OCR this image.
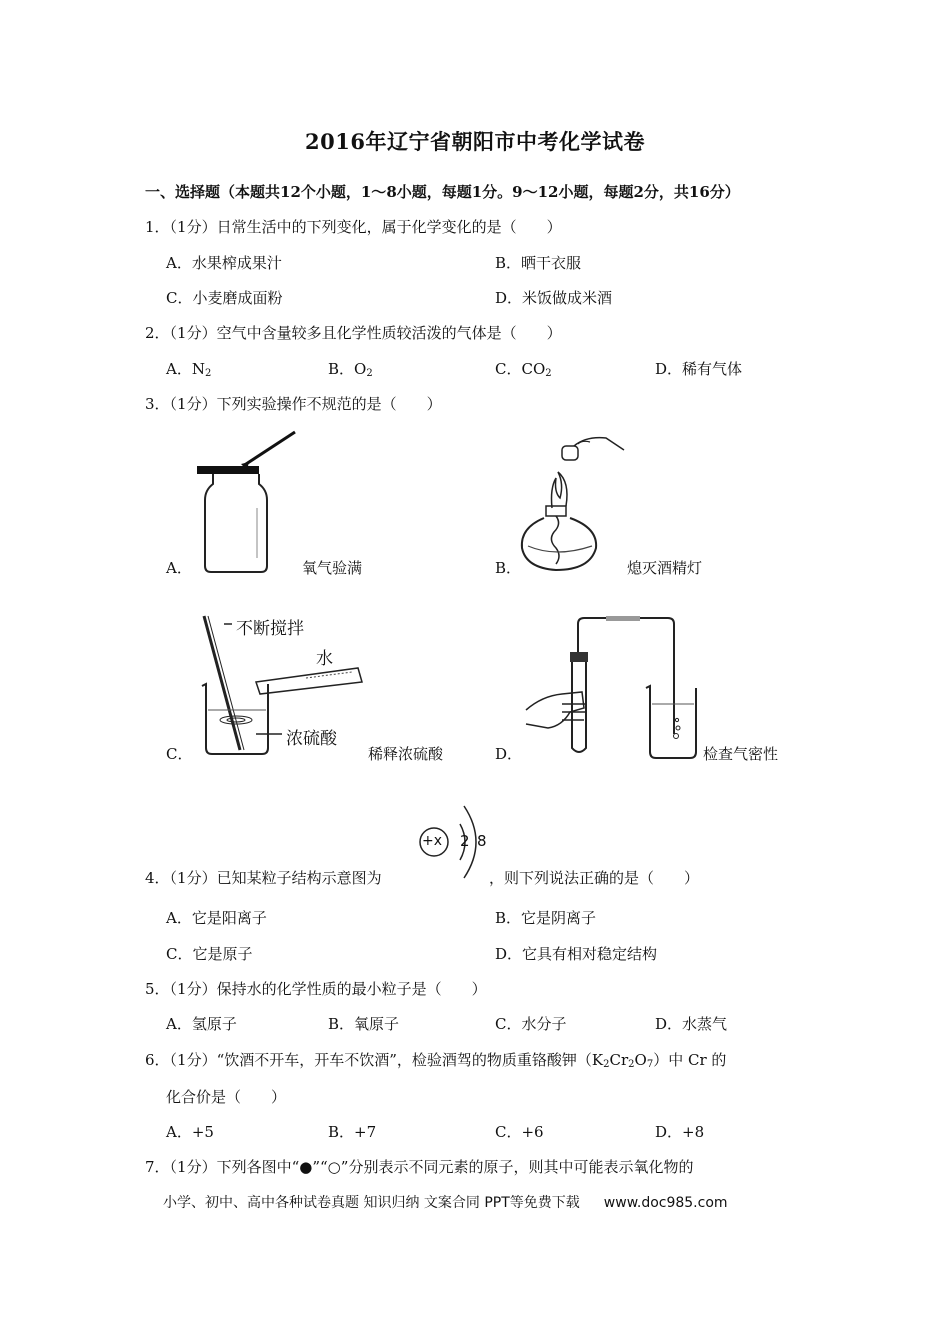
2016年辽宁省朝阳市中考化学试卷
一、选择题（本题共12个小题，1～8小题，每题1分。9～12小题，每题2分，共16分）
1．（1分）日常生活中的下列变化，属于化学变化的是（　　）
A．水果榨成果汁	B．晒干衣服
C．小麦磨成面粉	D．米饭做成米酒
2．（1分）空气中含量较多且化学性质较活泼的气体是（　　）
A．$N_2$	B．$O_2$	C．$CO_2$	D．稀有气体
3．（1分）下列实验操作不规范的是（　　）
A．	氧气验满	B．	熄灭酒精灯
不断搅拌
水
浓硫酸
C．	稀释浓硫酸	D．	检查气密性
+x 2 8
4．（1分）已知某粒子结构示意图为	，则下列说法正确的是（　　）
A．它是阳离子	B．它是阴离子
C．它是原子	D．它具有相对稳定结构
5．（1分）保持水的化学性质的最小粒子是（　　）
A．氢原子	B．氧原子	C．水分子	D．水蒸气
6．（1分）“饮酒不开车，开车不饮酒”，检验酒驾的物质重铬酸钾$(K_2Cr_2O_7)$中 Cr 的
化合价是（　　）
A．+5	B．+7	C．+6	D．+8
7．（1分）下列各图中“●”“○”分别表示不同元素的原子，则其中可能表示氧化物的
小学、初中、高中各种试卷真题 知识归纳 文案合同 PPT等免费下载 www.doc985.com
